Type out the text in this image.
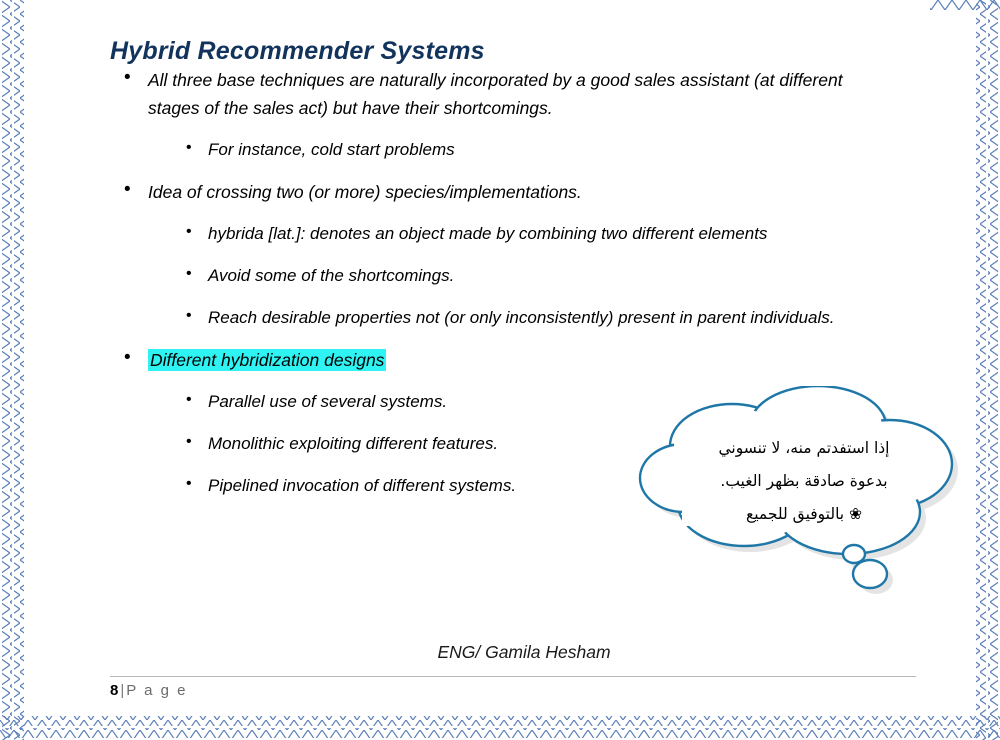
Hybrid Recommender Systems
• All three base techniques are naturally incorporated by a good sales assistant (at different stages of the sales act) but have their shortcomings.
• For instance, cold start problems
• Idea of crossing two (or more) species/implementations.
• hybrida [lat.]: denotes an object made by combining two different elements
• Avoid some of the shortcomings.
• Reach desirable properties not (or only inconsistently) present in parent individuals.
•	Different hybridization designs
• Parallel use of several systems.
• Monolithic exploiting different features.
• Pipelined invocation of different systems.
إذا استفدتم منه، لا تنسوني
بدعوة صادقة بظهر الغيب.
❀ بالتوفيق للجميع
ENG/ Gamila Hesham
8 | P a g e
